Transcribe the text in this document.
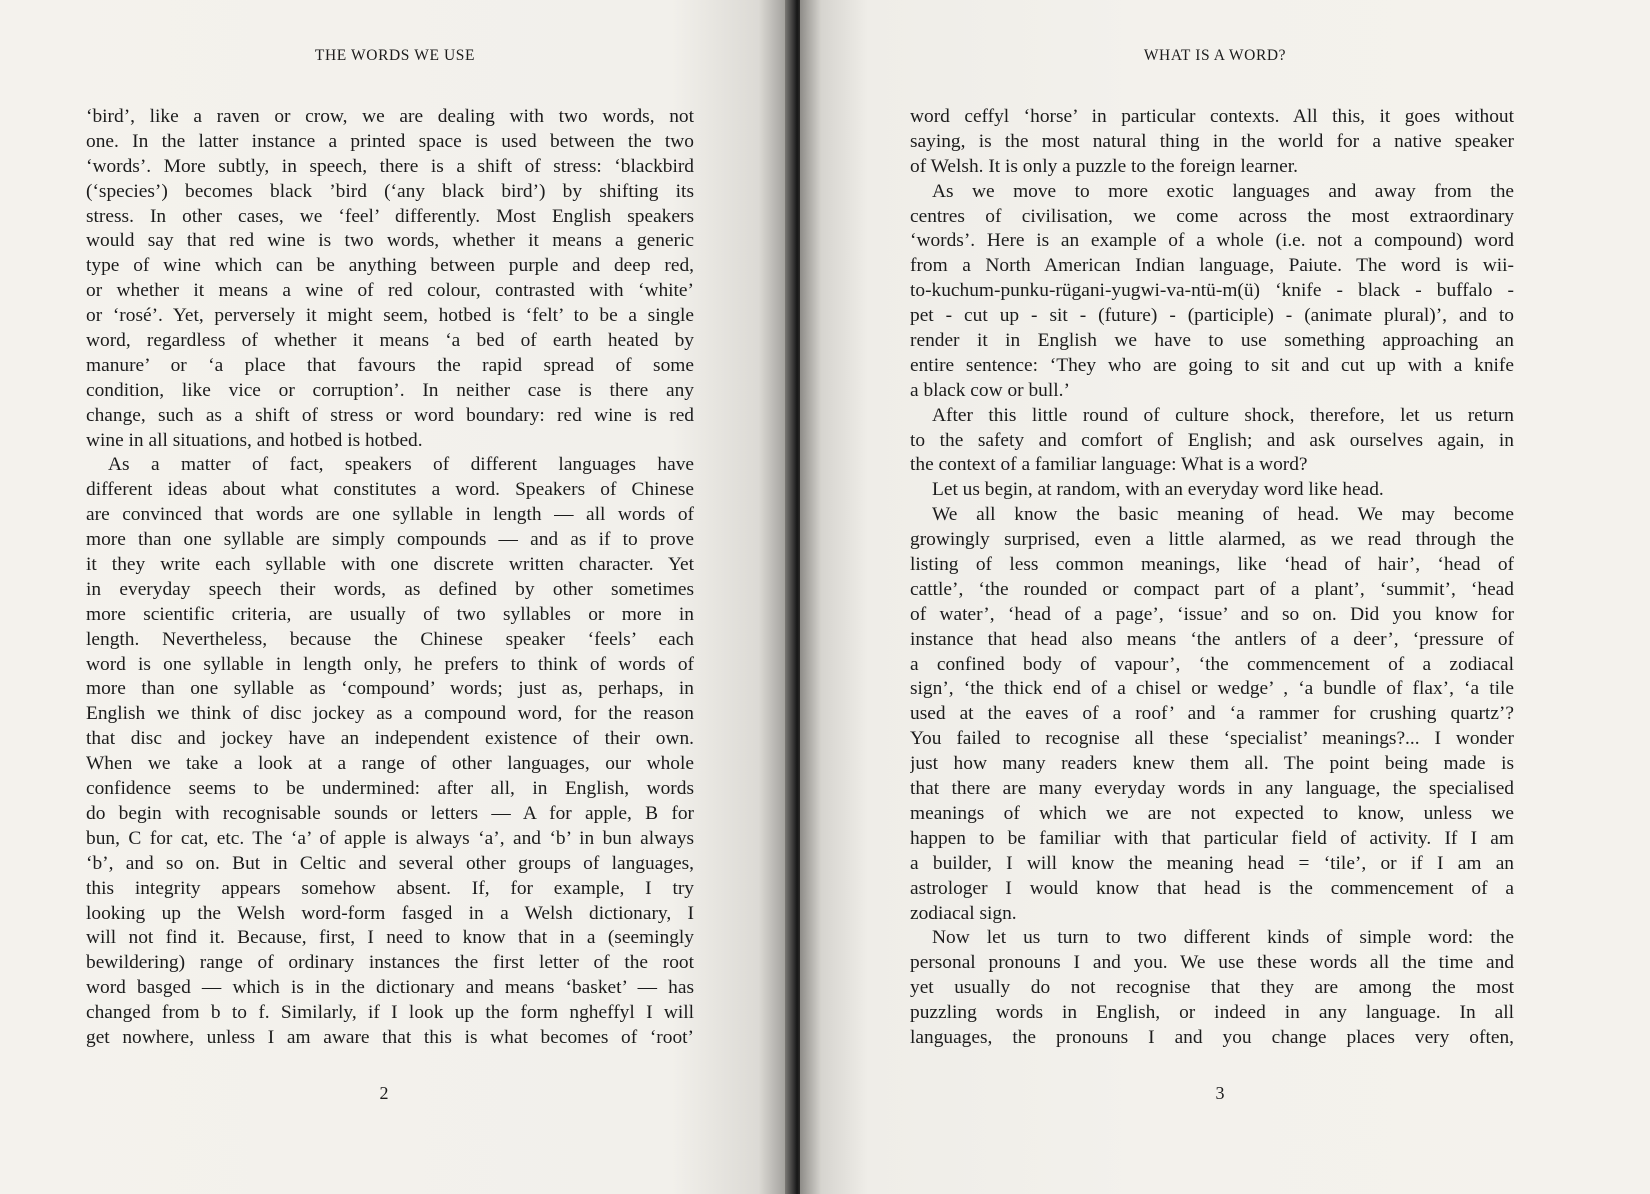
THE WORDS WE USE
‘bird’, like a raven or crow, we are dealing with two words, not
one. In the latter instance a printed space is used between the two
‘words’. More subtly, in speech, there is a shift of stress: ‘blackbird
(‘species’) becomes black ’bird (‘any black bird’) by shifting its
stress. In other cases, we ‘feel’ differently. Most English speakers
would say that red wine is two words, whether it means a generic
type of wine which can be anything between purple and deep red,
or whether it means a wine of red colour, contrasted with ‘white’
or ‘rosé’. Yet, perversely it might seem, hotbed is ‘felt’ to be a single
word, regardless of whether it means ‘a bed of earth heated by
manure’ or ‘a place that favours the rapid spread of some
condition, like vice or corruption’. In neither case is there any
change, such as a shift of stress or word boundary: red wine is red
wine in all situations, and hotbed is hotbed.
As a matter of fact, speakers of different languages have
different ideas about what constitutes a word. Speakers of Chinese
are convinced that words are one syllable in length — all words of
more than one syllable are simply compounds — and as if to prove
it they write each syllable with one discrete written character. Yet
in everyday speech their words, as defined by other sometimes
more scientific criteria, are usually of two syllables or more in
length. Nevertheless, because the Chinese speaker ‘feels’ each
word is one syllable in length only, he prefers to think of words of
more than one syllable as ‘compound’ words; just as, perhaps, in
English we think of disc jockey as a compound word, for the reason
that disc and jockey have an independent existence of their own.
When we take a look at a range of other languages, our whole
confidence seems to be undermined: after all, in English, words
do begin with recognisable sounds or letters — A for apple, B for
bun, C for cat, etc. The ‘a’ of apple is always ‘a’, and ‘b’ in bun always
‘b’, and so on. But in Celtic and several other groups of languages,
this integrity appears somehow absent. If, for example, I try
looking up the Welsh word-form fasged in a Welsh dictionary, I
will not find it. Because, first, I need to know that in a (seemingly
bewildering) range of ordinary instances the first letter of the root
word basged — which is in the dictionary and means ‘basket’ — has
changed from b to f. Similarly, if I look up the form ngheffyl I will
get nowhere, unless I am aware that this is what becomes of ‘root’
2
WHAT IS A WORD?
word ceffyl ‘horse’ in particular contexts. All this, it goes without
saying, is the most natural thing in the world for a native speaker
of Welsh. It is only a puzzle to the foreign learner.
As we move to more exotic languages and away from the
centres of civilisation, we come across the most extraordinary
‘words’. Here is an example of a whole (i.e. not a compound) word
from a North American Indian language, Paiute. The word is wii-
to-kuchum-punku-rügani-yugwi-va-ntü-m(ü) ‘knife - black - buffalo -
pet - cut up - sit - (future) - (participle) - (animate plural)’, and to
render it in English we have to use something approaching an
entire sentence: ‘They who are going to sit and cut up with a knife
a black cow or bull.’
After this little round of culture shock, therefore, let us return
to the safety and comfort of English; and ask ourselves again, in
the context of a familiar language: What is a word?
Let us begin, at random, with an everyday word like head.
We all know the basic meaning of head. We may become
growingly surprised, even a little alarmed, as we read through the
listing of less common meanings, like ‘head of hair’, ‘head of
cattle’, ‘the rounded or compact part of a plant’, ‘summit’, ‘head
of water’, ‘head of a page’, ‘issue’ and so on. Did you know for
instance that head also means ‘the antlers of a deer’, ‘pressure of
a confined body of vapour’, ‘the commencement of a zodiacal
sign’, ‘the thick end of a chisel or wedge’ , ‘a bundle of flax’, ‘a tile
used at the eaves of a roof’ and ‘a rammer for crushing quartz’?
You failed to recognise all these ‘specialist’ meanings?... I wonder
just how many readers knew them all. The point being made is
that there are many everyday words in any language, the specialised
meanings of which we are not expected to know, unless we
happen to be familiar with that particular field of activity. If I am
a builder, I will know the meaning head = ‘tile’, or if I am an
astrologer I would know that head is the commencement of a
zodiacal sign.
Now let us turn to two different kinds of simple word: the
personal pronouns I and you. We use these words all the time and
yet usually do not recognise that they are among the most
puzzling words in English, or indeed in any language. In all
languages, the pronouns I and you change places very often,
3
